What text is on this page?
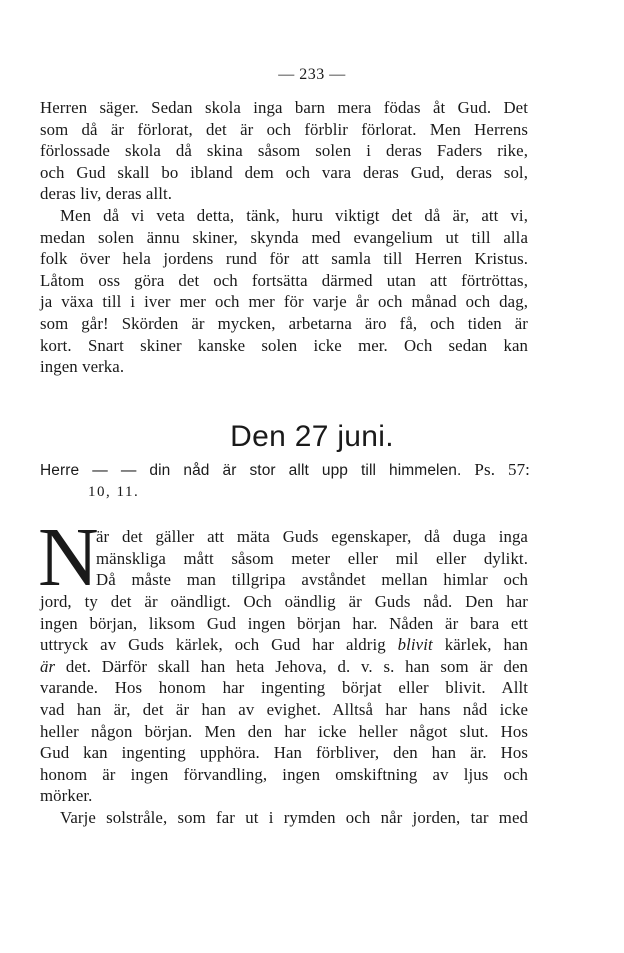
— 233 —
Herren säger. Sedan skola inga barn mera födas åt Gud. Det
som då är förlorat, det är och förblir förlorat. Men Herrens
förlossade skola då skina såsom solen i deras Faders rike,
och Gud skall bo ibland dem och vara deras Gud, deras sol,
deras liv, deras allt.
Men då vi veta detta, tänk, huru viktigt det då är, att vi,
medan solen ännu skiner, skynda med evangelium ut till alla
folk över hela jordens rund för att samla till Herren Kristus.
Låtom oss göra det och fortsätta därmed utan att förtröttas,
ja växa till i iver mer och mer för varje år och månad och dag,
som går! Skörden är mycken, arbetarna äro få, och tiden är
kort. Snart skiner kanske solen icke mer. Och sedan kan
ingen verka.
Den 27 juni.
Herre — — din nåd är stor allt upp till himmelen. Ps. 57:
10, 11.
N
är det gäller att mäta Guds egenskaper, då duga inga
mänskliga mått såsom meter eller mil eller dylikt.
Då måste man tillgripa avståndet mellan himlar och
jord, ty det är oändligt. Och oändlig är Guds nåd. Den har
ingen början, liksom Gud ingen början har. Nåden är bara ett
uttryck av Guds kärlek, och Gud har aldrig blivit kärlek, han
är det. Därför skall han heta Jehova, d. v. s. han som är den
varande. Hos honom har ingenting börjat eller blivit. Allt
vad han är, det är han av evighet. Alltså har hans nåd icke
heller någon början. Men den har icke heller något slut. Hos
Gud kan ingenting upphöra. Han förbliver, den han är. Hos
honom är ingen förvandling, ingen omskiftning av ljus och
mörker.
Varje solstråle, som far ut i rymden och når jorden, tar med
